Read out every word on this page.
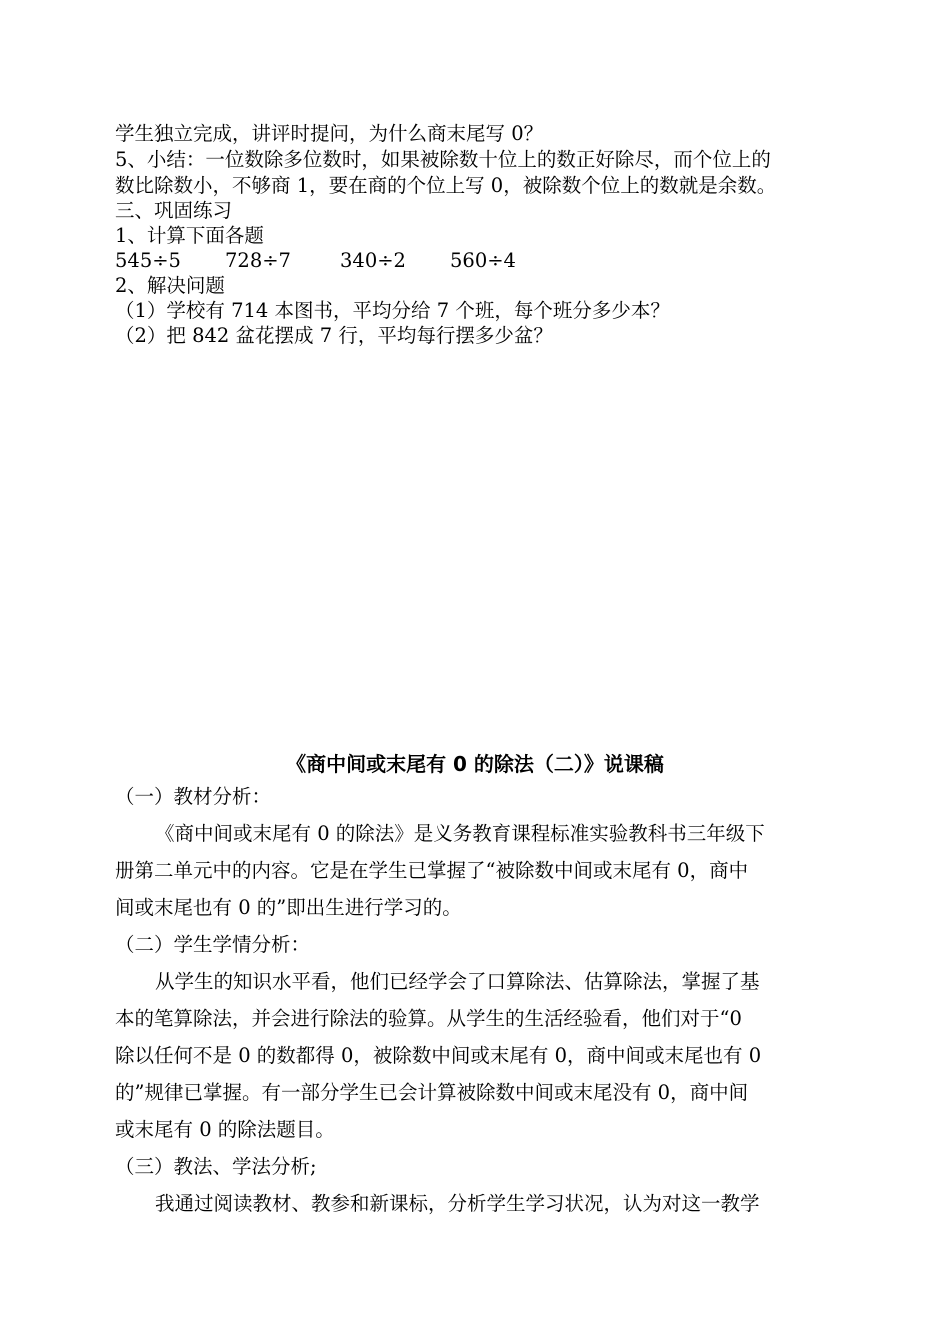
学生独立完成，讲评时提问，为什么商末尾写 0？
5、小结：一位数除多位数时，如果被除数十位上的数正好除尽，而个位上的
数比除数小，不够商 1，要在商的个位上写 0，被除数个位上的数就是余数。
三、巩固练习
1、计算下面各题
545÷5 728÷7	340÷2 560÷4
2、解决问题
（1）学校有 714 本图书，平均分给 7 个班，每个班分多少本？
（2）把 842 盆花摆成 7 行，平均每行摆多少盆？
《商中间或末尾有 0 的除法（二）》说课稿
（一）教材分析：
《商中间或末尾有 0 的除法》是义务教育课程标准实验教科书三年级下
册第二单元中的内容。它是在学生已掌握了“被除数中间或末尾有 0，商中
间或末尾也有 0 的”即出生进行学习的。
（二）学生学情分析：
从学生的知识水平看，他们已经学会了口算除法、估算除法，掌握了基
本的笔算除法，并会进行除法的验算。从学生的生活经验看，他们对于“0
除以任何不是 0 的数都得 0，被除数中间或末尾有 0，商中间或末尾也有 0
的”规律已掌握。有一部分学生已会计算被除数中间或末尾没有 0，商中间
或末尾有 0 的除法题目。
（三）教法、学法分析;
我通过阅读教材、教参和新课标，分析学生学习状况，认为对这一教学
